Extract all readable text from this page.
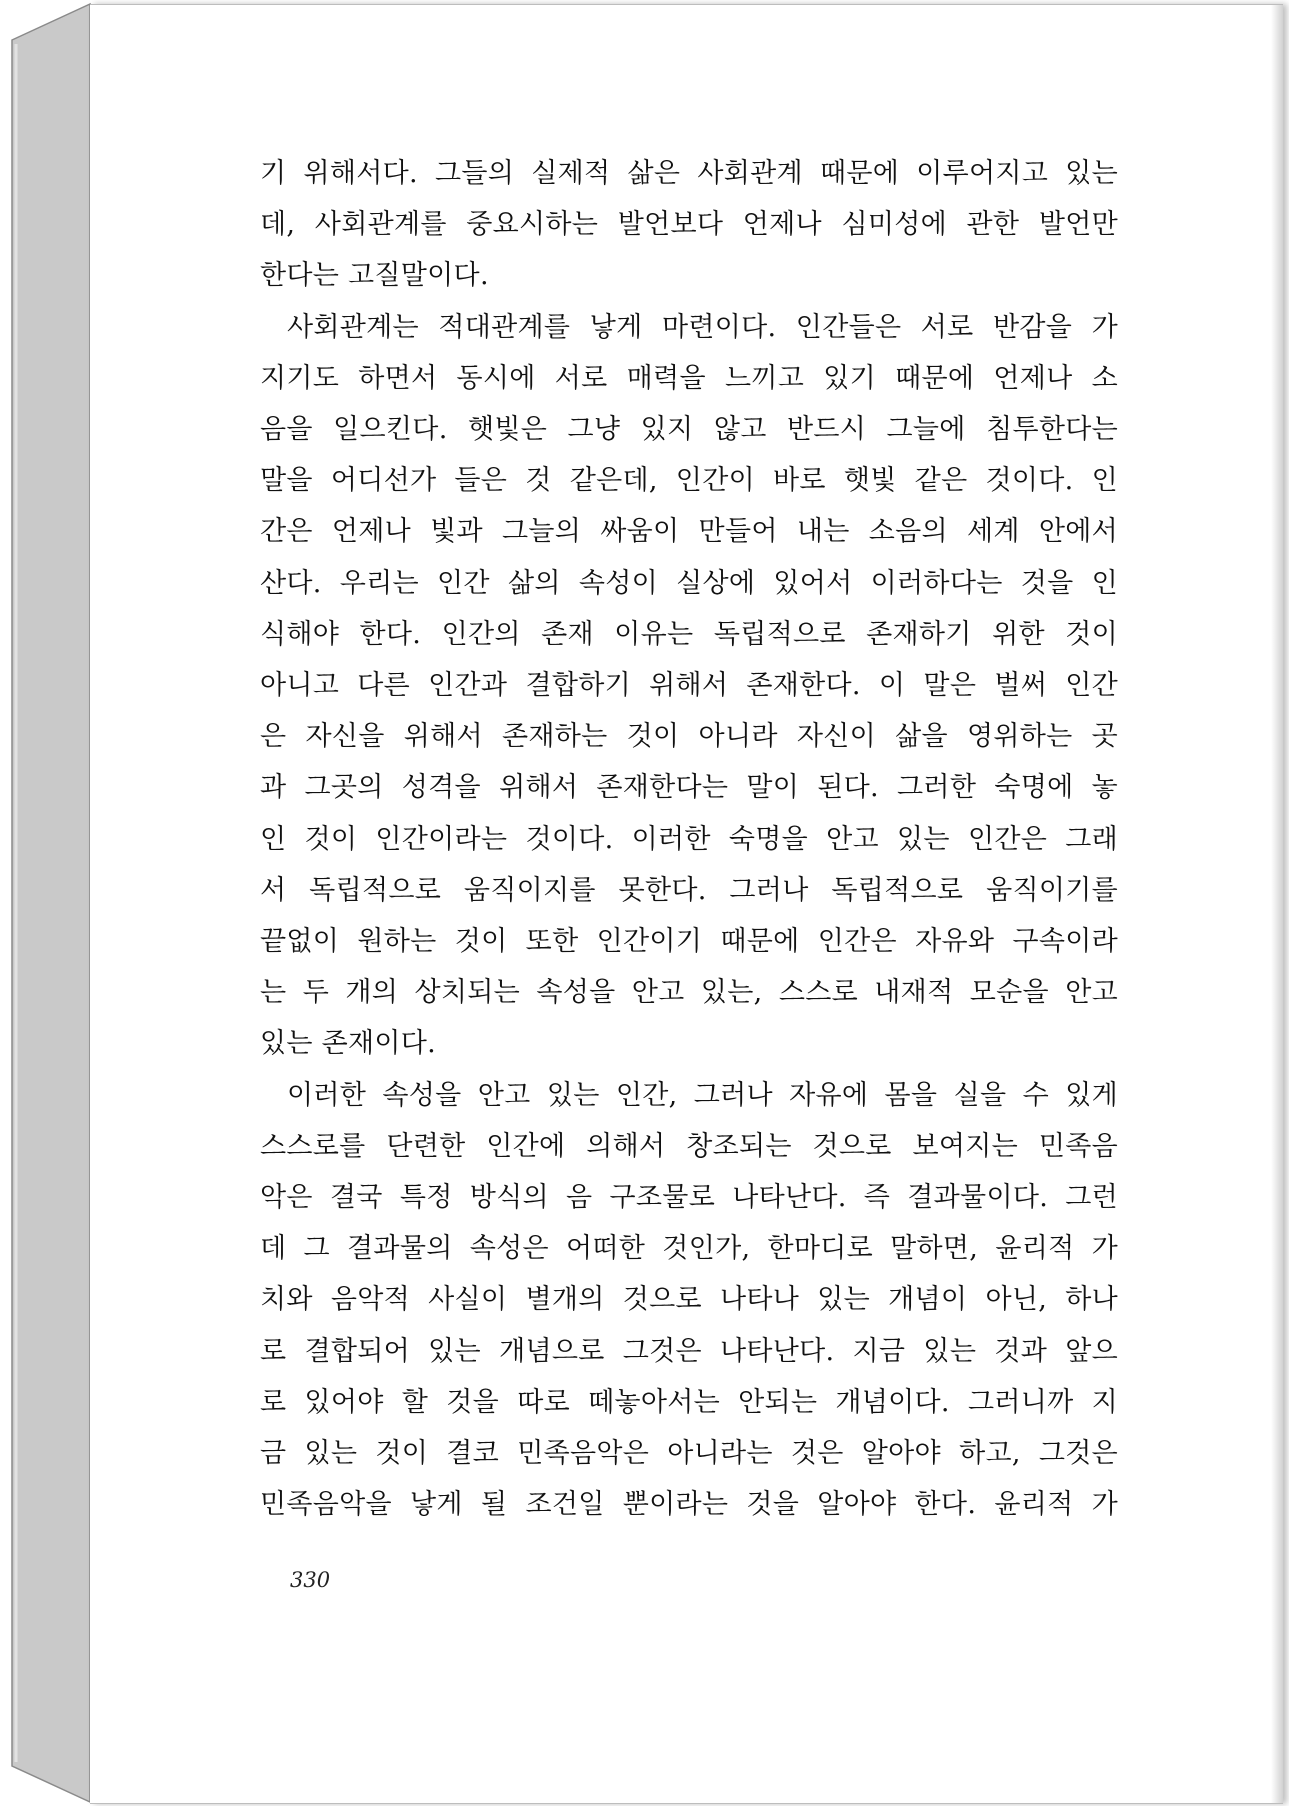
기 위해서다. 그들의 실제적 삶은 사회관계 때문에 이루어지고 있는
데, 사회관계를 중요시하는 발언보다 언제나 심미성에 관한 발언만
한다는 고질말이다.
사회관계는 적대관계를 낳게 마련이다. 인간들은 서로 반감을 가
지기도 하면서 동시에 서로 매력을 느끼고 있기 때문에 언제나 소
음을 일으킨다. 햇빛은 그냥 있지 않고 반드시 그늘에 침투한다는
말을 어디선가 들은 것 같은데, 인간이 바로 햇빛 같은 것이다. 인
간은 언제나 빛과 그늘의 싸움이 만들어 내는 소음의 세계 안에서
산다. 우리는 인간 삶의 속성이 실상에 있어서 이러하다는 것을 인
식해야 한다. 인간의 존재 이유는 독립적으로 존재하기 위한 것이
아니고 다른 인간과 결합하기 위해서 존재한다. 이 말은 벌써 인간
은 자신을 위해서 존재하는 것이 아니라 자신이 삶을 영위하는 곳
과 그곳의 성격을 위해서 존재한다는 말이 된다. 그러한 숙명에 놓
인 것이 인간이라는 것이다. 이러한 숙명을 안고 있는 인간은 그래
서 독립적으로 움직이지를 못한다. 그러나 독립적으로 움직이기를
끝없이 원하는 것이 또한 인간이기 때문에 인간은 자유와 구속이라
는 두 개의 상치되는 속성을 안고 있는, 스스로 내재적 모순을 안고
있는 존재이다.
이러한 속성을 안고 있는 인간, 그러나 자유에 몸을 실을 수 있게
스스로를 단련한 인간에 의해서 창조되는 것으로 보여지는 민족음
악은 결국 특정 방식의 음 구조물로 나타난다. 즉 결과물이다. 그런
데 그 결과물의 속성은 어떠한 것인가, 한마디로 말하면, 윤리적 가
치와 음악적 사실이 별개의 것으로 나타나 있는 개념이 아닌, 하나
로 결합되어 있는 개념으로 그것은 나타난다. 지금 있는 것과 앞으
로 있어야 할 것을 따로 떼놓아서는 안되는 개념이다. 그러니까 지
금 있는 것이 결코 민족음악은 아니라는 것은 알아야 하고, 그것은
민족음악을 낳게 될 조건일 뿐이라는 것을 알아야 한다. 윤리적 가
330
